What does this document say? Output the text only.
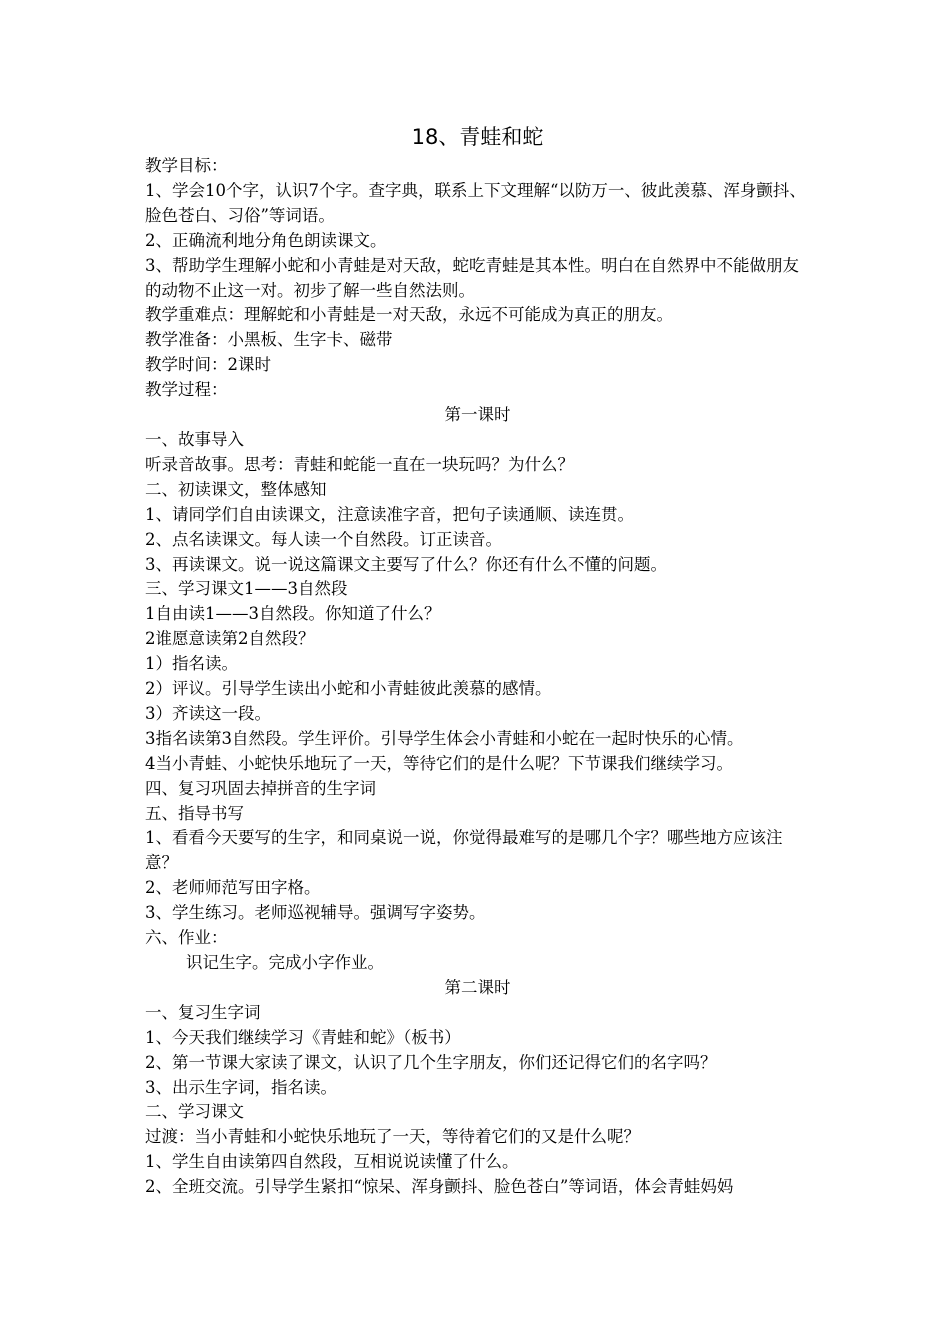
18、青蛙和蛇
教学目标：
1、学会10个字，认识7个字。查字典，联系上下文理解“以防万一、彼此羡慕、浑身颤抖、脸色苍白、习俗”等词语。
2、正确流利地分角色朗读课文。
3、帮助学生理解小蛇和小青蛙是对天敌，蛇吃青蛙是其本性。明白在自然界中不能做朋友的动物不止这一对。初步了解一些自然法则。
教学重难点：理解蛇和小青蛙是一对天敌，永远不可能成为真正的朋友。
教学准备：小黑板、生字卡、磁带
教学时间：2课时
教学过程：
第一课时
一、故事导入
听录音故事。思考：青蛙和蛇能一直在一块玩吗？为什么？
二、初读课文，整体感知
1、请同学们自由读课文，注意读准字音，把句子读通顺、读连贯。
2、点名读课文。每人读一个自然段。订正读音。
3、再读课文。说一说这篇课文主要写了什么？你还有什么不懂的问题。
三、学习课文1——3自然段
1自由读1——3自然段。你知道了什么？
2谁愿意读第2自然段？
1）指名读。
2）评议。引导学生读出小蛇和小青蛙彼此羡慕的感情。
3）齐读这一段。
3指名读第3自然段。学生评价。引导学生体会小青蛙和小蛇在一起时快乐的心情。
4当小青蛙、小蛇快乐地玩了一天，等待它们的是什么呢？下节课我们继续学习。
四、复习巩固去掉拼音的生字词
五、指导书写
1、看看今天要写的生字，和同桌说一说，你觉得最难写的是哪几个字？哪些地方应该注意？
2、老师师范写田字格。
3、学生练习。老师巡视辅导。强调写字姿势。
六、作业：
识记生字。完成小字作业。
第二课时
一、复习生字词
1、今天我们继续学习《青蛙和蛇》（板书）
2、第一节课大家读了课文，认识了几个生字朋友，你们还记得它们的名字吗？
3、出示生字词，指名读。
二、学习课文
过渡：当小青蛙和小蛇快乐地玩了一天，等待着它们的又是什么呢？
1、学生自由读第四自然段，互相说说读懂了什么。
2、全班交流。引导学生紧扣“惊呆、浑身颤抖、脸色苍白”等词语，体会青蛙妈妈
